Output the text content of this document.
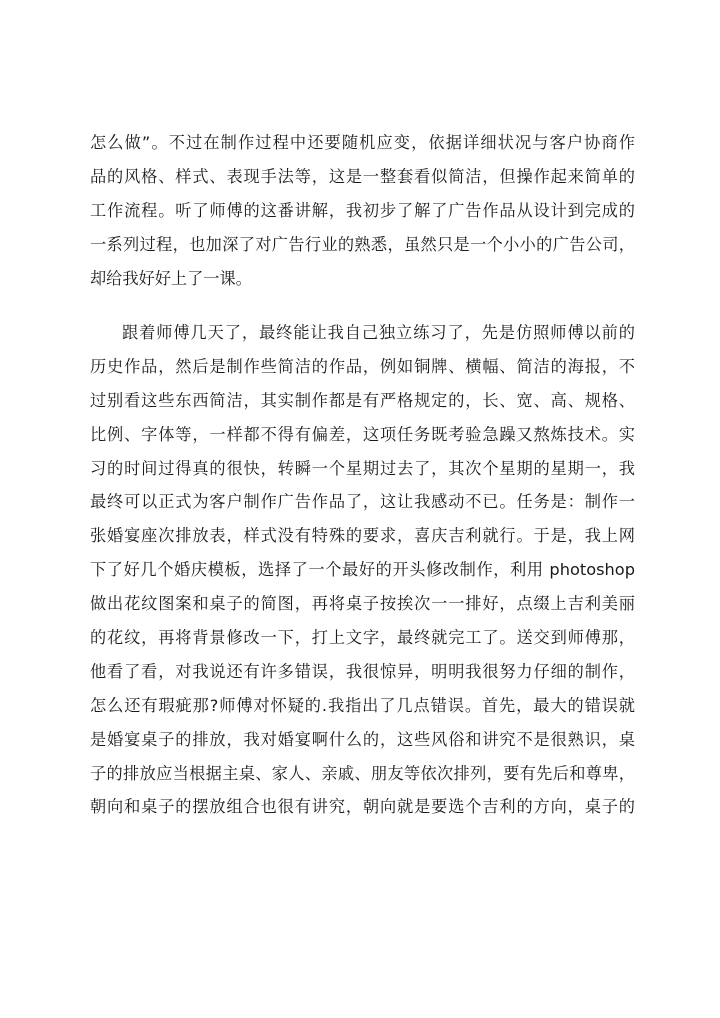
怎么做”。不过在制作过程中还要随机应变，依据详细状况与客户协商作
品的风格、样式、表现手法等，这是一整套看似简洁，但操作起来简单的
工作流程。听了师傅的这番讲解，我初步了解了广告作品从设计到完成的
一系列过程，也加深了对广告行业的熟悉，虽然只是一个小小的广告公司，
却给我好好上了一课。
跟着师傅几天了，最终能让我自己独立练习了，先是仿照师傅以前的
历史作品，然后是制作些简洁的作品，例如铜牌、横幅、简洁的海报，不
过别看这些东西简洁，其实制作都是有严格规定的，长、宽、高、规格、
比例、字体等，一样都不得有偏差，这项任务既考验急躁又熬炼技术。实
习的时间过得真的很快，转瞬一个星期过去了，其次个星期的星期一，我
最终可以正式为客户制作广告作品了，这让我感动不已。任务是：制作一
张婚宴座次排放表，样式没有特殊的要求，喜庆吉利就行。于是，我上网
下了好几个婚庆模板，选择了一个最好的开头修改制作，利用 photoshop
做出花纹图案和桌子的简图，再将桌子按挨次一一排好，点缀上吉利美丽
的花纹，再将背景修改一下，打上文字，最终就完工了。送交到师傅那，
他看了看，对我说还有许多错误，我很惊异，明明我很努力仔细的制作，
怎么还有瑕疵那?师傅对怀疑的.我指出了几点错误。首先，最大的错误就
是婚宴桌子的排放，我对婚宴啊什么的，这些风俗和讲究不是很熟识，桌
子的排放应当根据主桌、家人、亲戚、朋友等依次排列，要有先后和尊卑，
朝向和桌子的摆放组合也很有讲究，朝向就是要选个吉利的方向，桌子的
